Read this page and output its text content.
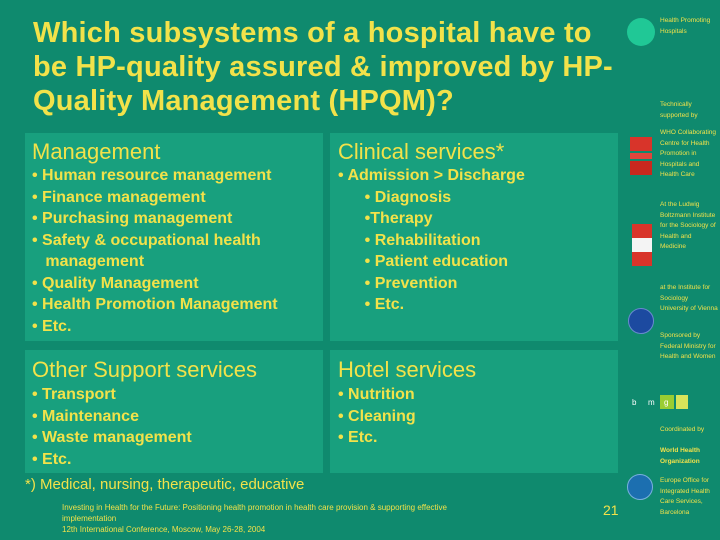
Which subsystems of a hospital have to be HP-quality assured & improved by HP-Quality Management (HPQM)?
Management
• Human resource management
• Finance management
• Purchasing management
• Safety & occupational health
management
• Quality Management
• Health Promotion Management
• Etc.
Clinical services*
• Admission > Discharge
• Diagnosis
•Therapy
• Rehabilitation
• Patient education
• Prevention
• Etc.
Other Support services
• Transport
• Maintenance
• Waste management
• Etc.
Hotel services
• Nutrition
• Cleaning
• Etc.
*) Medical, nursing, therapeutic, educative
Investing in Health for the Future: Positioning health promotion in health care provision & supporting effective implementation
12th International Conference, Moscow, May 26-28, 2004
21
Health Promoting Hospitals
Technically supported by
WHO Collaborating Centre for Health Promotion in Hospitals and Health Care
At the Ludwig Boltzmann Institute for the Sociology of Health and Medicine
at the Institute for Sociology University of Vienna
Sponsored by Federal Ministry for Health and Women
b m g
Coordinated by
World Health Organization
Europe Office for Integrated Health Care Services, Barcelona
